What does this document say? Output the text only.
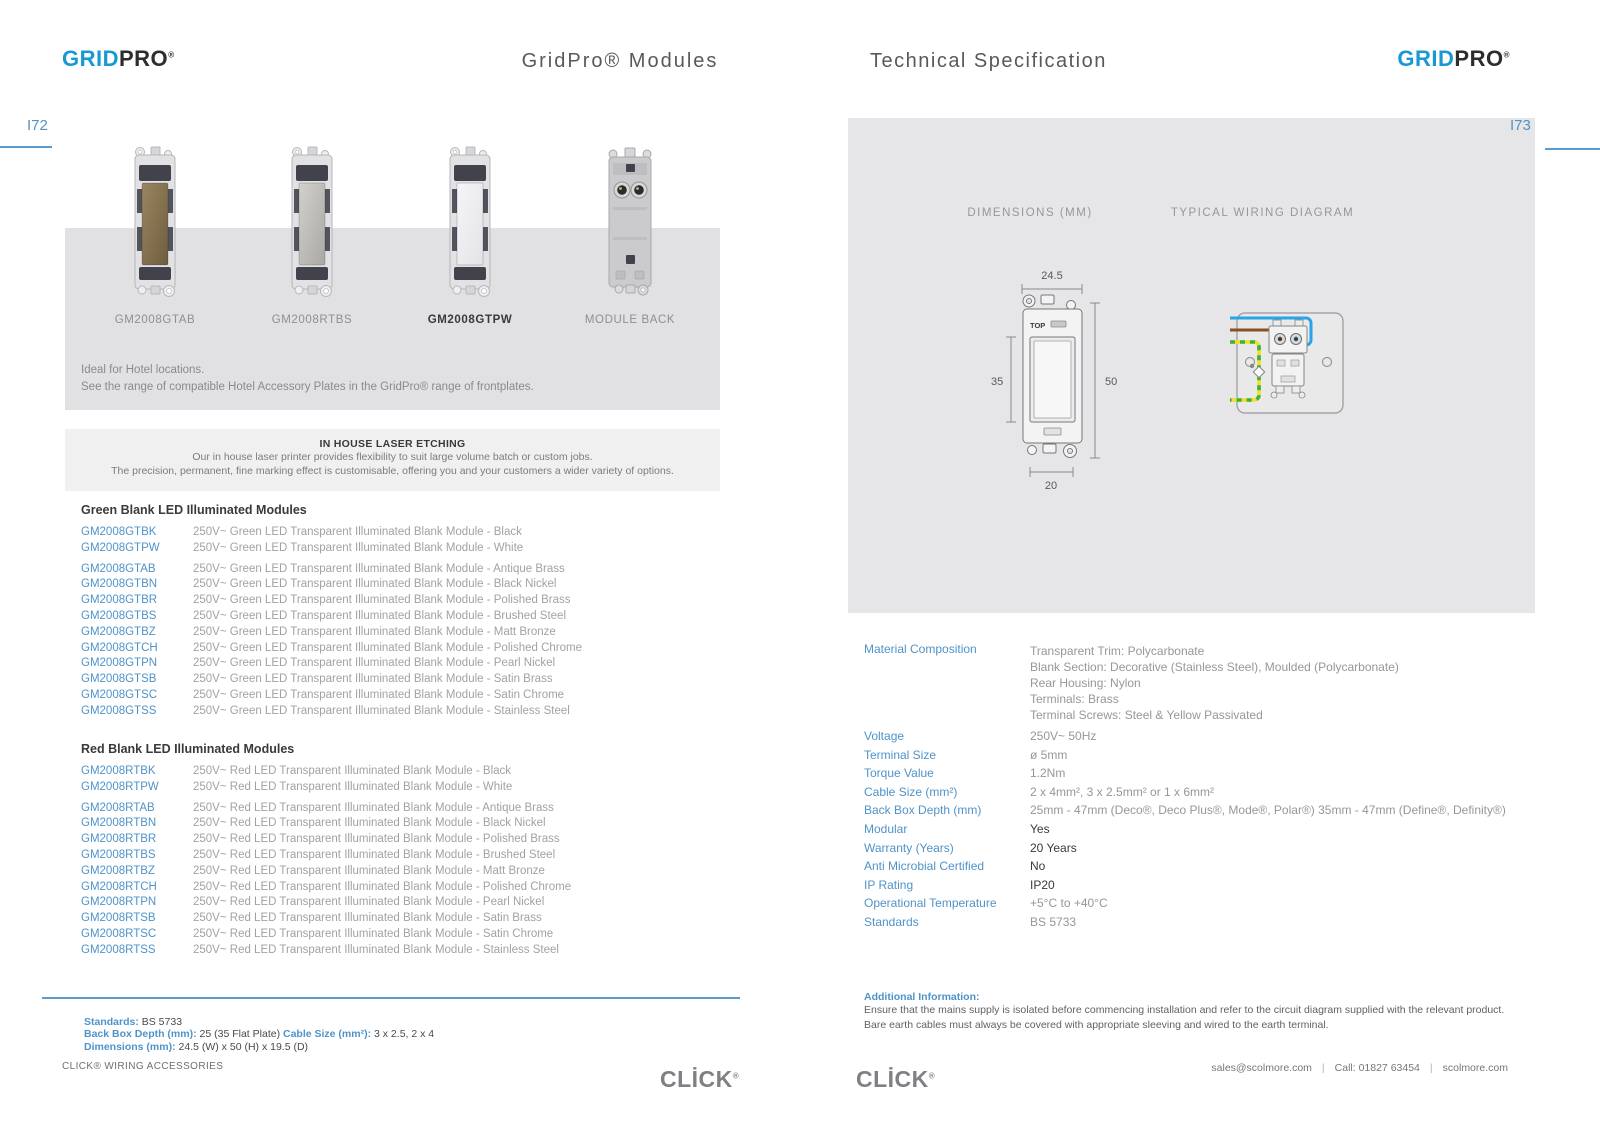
GRIDPRO®	GridPro® Modules
I72
GM2008GTAB	GM2008RTBS	GM2008GTPW	MODULE BACK
Ideal for Hotel locations.
See the range of compatible Hotel Accessory Plates in the GridPro® range of frontplates.
IN HOUSE LASER ETCHING
Our in house laser printer provides flexibility to suit large volume batch or custom jobs.
The precision, permanent, fine marking effect is customisable, offering you and your customers a wider variety of options.
Green Blank LED Illuminated Modules
GM2008GTBK	250V~ Green LED Transparent Illuminated Blank Module - Black
GM2008GTPW	250V~ Green LED Transparent Illuminated Blank Module - White
GM2008GTAB	250V~ Green LED Transparent Illuminated Blank Module - Antique Brass
GM2008GTBN	250V~ Green LED Transparent Illuminated Blank Module - Black Nickel
GM2008GTBR	250V~ Green LED Transparent Illuminated Blank Module - Polished Brass
GM2008GTBS	250V~ Green LED Transparent Illuminated Blank Module - Brushed Steel
GM2008GTBZ	250V~ Green LED Transparent Illuminated Blank Module - Matt Bronze
GM2008GTCH	250V~ Green LED Transparent Illuminated Blank Module - Polished Chrome
GM2008GTPN	250V~ Green LED Transparent Illuminated Blank Module - Pearl Nickel
GM2008GTSB	250V~ Green LED Transparent Illuminated Blank Module - Satin Brass
GM2008GTSC	250V~ Green LED Transparent Illuminated Blank Module - Satin Chrome
GM2008GTSS	250V~ Green LED Transparent Illuminated Blank Module - Stainless Steel
Red Blank LED Illuminated Modules
GM2008RTBK	250V~ Red LED Transparent Illuminated Blank Module - Black
GM2008RTPW	250V~ Red LED Transparent Illuminated Blank Module - White
GM2008RTAB	250V~ Red LED Transparent Illuminated Blank Module - Antique Brass
GM2008RTBN	250V~ Red LED Transparent Illuminated Blank Module - Black Nickel
GM2008RTBR	250V~ Red LED Transparent Illuminated Blank Module - Polished Brass
GM2008RTBS	250V~ Red LED Transparent Illuminated Blank Module - Brushed Steel
GM2008RTBZ	250V~ Red LED Transparent Illuminated Blank Module - Matt Bronze
GM2008RTCH	250V~ Red LED Transparent Illuminated Blank Module - Polished Chrome
GM2008RTPN	250V~ Red LED Transparent Illuminated Blank Module - Pearl Nickel
GM2008RTSB	250V~ Red LED Transparent Illuminated Blank Module - Satin Brass
GM2008RTSC	250V~ Red LED Transparent Illuminated Blank Module - Satin Chrome
GM2008RTSS	250V~ Red LED Transparent Illuminated Blank Module - Stainless Steel
Standards: BS 5733
Back Box Depth (mm): 25 (35 Flat Plate) Cable Size (mm²): 3 x 2.5, 2 x 4
Dimensions (mm): 24.5 (W) x 50 (H) x 19.5 (D)
CLICK® WIRING ACCESSORIES	CLİCK®
Technical Specification	GRIDPRO®
I73
DIMENSIONS (MM)	TYPICAL WIRING DIAGRAM
24.5
50
35
20
TOP
Material Composition	Transparent Trim: Polycarbonate
Blank Section: Decorative (Stainless Steel), Moulded (Polycarbonate)
Rear Housing: Nylon
Terminals: Brass
Terminal Screws: Steel & Yellow Passivated
Voltage	250V~ 50Hz
Terminal Size	ø 5mm
Torque Value	1.2Nm
Cable Size (mm²)	2 x 4mm², 3 x 2.5mm² or 1 x 6mm²
Back Box Depth (mm)	25mm - 47mm (Deco®, Deco Plus®, Mode®, Polar®) 35mm - 47mm (Define®, Definity®)
Modular	Yes
Warranty (Years)	20 Years
Anti Microbial Certified	No
IP Rating	IP20
Operational Temperature	+5°C to +40°C
Standards	BS 5733
Additional Information:
Ensure that the mains supply is isolated before commencing installation and refer to the circuit diagram supplied with the relevant product.
Bare earth cables must always be covered with appropriate sleeving and wired to the earth terminal.
CLİCK®
sales@scolmore.com | Call: 01827 63454 | scolmore.com
